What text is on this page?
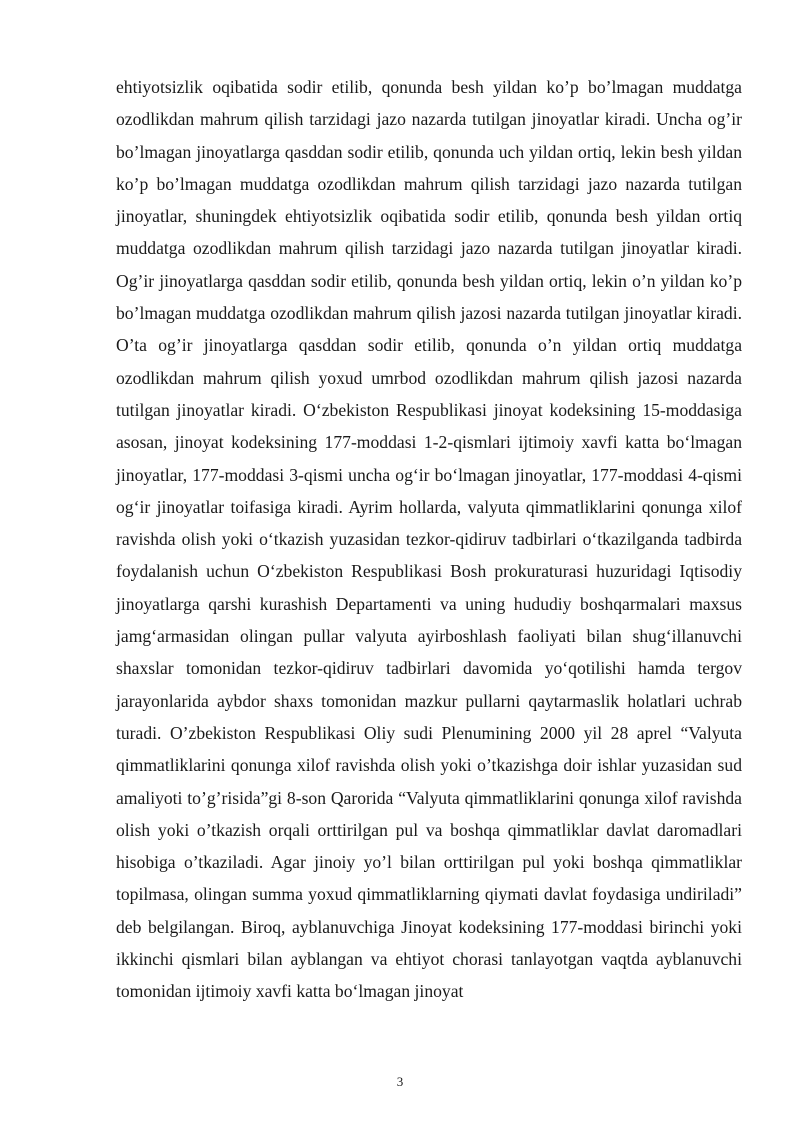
ehtiyotsizlik oqibatida sodir etilib, qonunda besh yildan ko’p bo’lmagan muddatga ozodlikdan mahrum qilish tarzidagi jazo nazarda tutilgan jinoyatlar kiradi. Uncha og’ir bo’lmagan jinoyatlarga qasddan sodir etilib, qonunda uch yildan ortiq, lekin besh yildan ko’p bo’lmagan muddatga ozodlikdan mahrum qilish tarzidagi jazo nazarda tutilgan jinoyatlar, shuningdek ehtiyotsizlik oqibatida sodir etilib, qonunda besh yildan ortiq muddatga ozodlikdan mahrum qilish tarzidagi jazo nazarda tutilgan jinoyatlar kiradi. Og’ir jinoyatlarga qasddan sodir etilib, qonunda besh yildan ortiq, lekin o’n yildan ko’p bo’lmagan muddatga ozodlikdan mahrum qilish jazosi nazarda tutilgan jinoyatlar kiradi. O’ta og’ir jinoyatlarga qasddan sodir etilib, qonunda o’n yildan ortiq muddatga ozodlikdan mahrum qilish yoxud umrbod ozodlikdan mahrum qilish jazosi nazarda tutilgan jinoyatlar kiradi. O‘zbekiston Respublikasi jinoyat kodeksining 15-moddasiga asosan, jinoyat kodeksining 177-moddasi 1-2-qismlari ijtimoiy xavfi katta bo‘lmagan jinoyatlar, 177-moddasi 3-qismi uncha og‘ir bo‘lmagan jinoyatlar, 177-moddasi 4-qismi og‘ir jinoyatlar toifasiga kiradi. Ayrim hollarda, valyuta qimmatliklarini qonunga xilof ravishda olish yoki o‘tkazish yuzasidan tezkor-qidiruv tadbirlari o‘tkazilganda tadbirda foydalanish uchun O‘zbekiston Respublikasi Bosh prokuraturasi huzuridagi Iqtisodiy jinoyatlarga qarshi kurashish Departamenti va uning hududiy boshqarmalari maxsus jamg‘armasidan olingan pullar valyuta ayirboshlash faoliyati bilan shug‘illanuvchi shaxslar tomonidan tezkor-qidiruv tadbirlari davomida yo‘qotilishi hamda tergov jarayonlarida aybdor shaxs tomonidan mazkur pullarni qaytarmaslik holatlari uchrab turadi. O’zbekiston Respublikasi Oliy sudi Plenumining 2000 yil 28 aprel “Valyuta qimmatliklarini qonunga xilof ravishda olish yoki o’tkazishga doir ishlar yuzasidan sud amaliyoti to’g’risida”gi 8-son Qarorida “Valyuta qimmatliklarini qonunga xilof ravishda olish yoki o’tkazish orqali orttirilgan pul va boshqa qimmatliklar davlat daromadlari hisobiga o’tkaziladi. Agar jinoiy yo’l bilan orttirilgan pul yoki boshqa qimmatliklar topilmasa, olingan summa yoxud qimmatliklarning qiymati davlat foydasiga undiriladi” deb belgilangan. Biroq, ayblanuvchiga Jinoyat kodeksining 177-moddasi birinchi yoki ikkinchi qismlari bilan ayblangan va ehtiyot chorasi tanlayotgan vaqtda ayblanuvchi tomonidan ijtimoiy xavfi katta bo‘lmagan jinoyat

3
